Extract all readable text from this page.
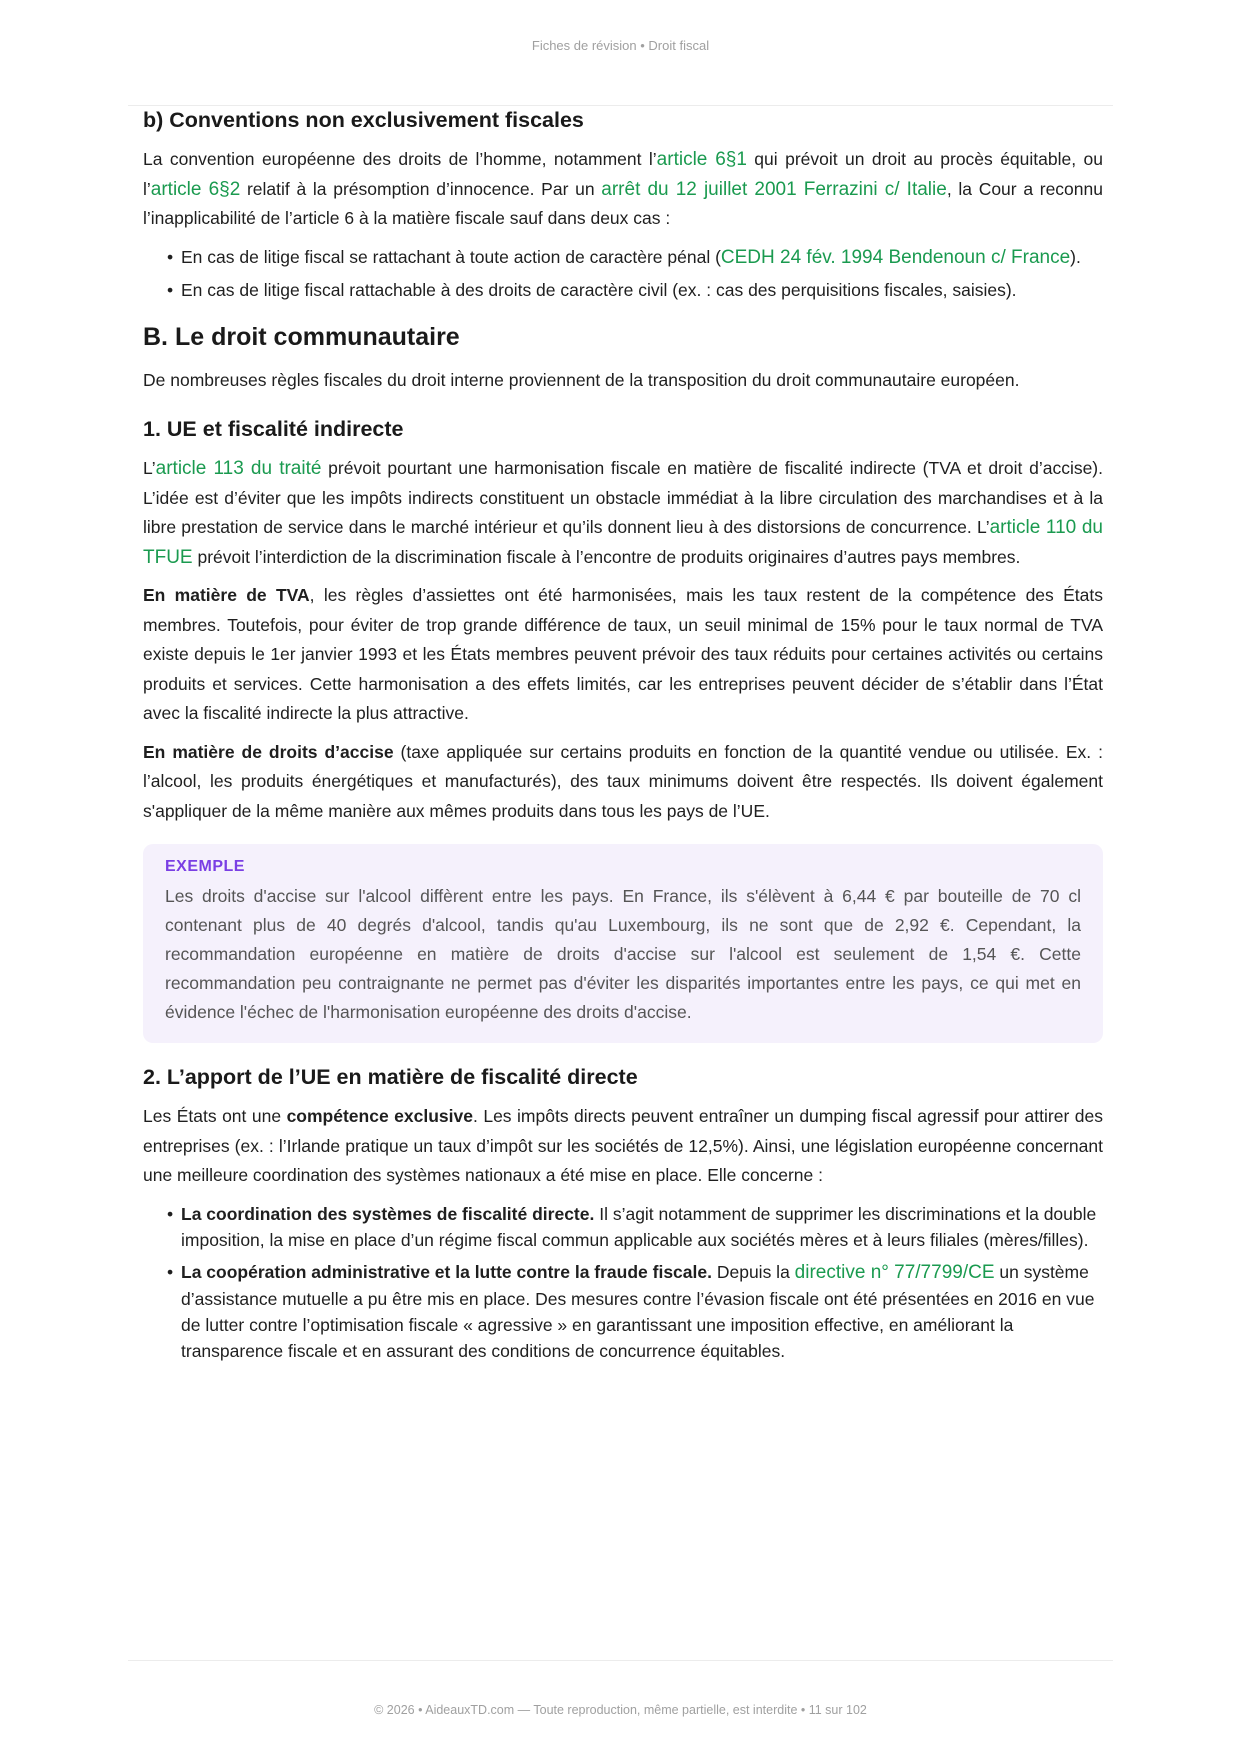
Fiches de révision • Droit fiscal
b) Conventions non exclusivement fiscales

La convention européenne des droits de l’homme, notamment l’article 6§1 qui prévoit un droit au procès équitable, ou l’article 6§2 relatif à la présomption d’innocence. Par un arrêt du 12 juillet 2001 Ferrazini c/ Italie, la Cour a reconnu l’inapplicabilité de l’article 6 à la matière fiscale sauf dans deux cas :

• En cas de litige fiscal se rattachant à toute action de caractère pénal (CEDH 24 fév. 1994 Bendenoun c/ France).
• En cas de litige fiscal rattachable à des droits de caractère civil (ex. : cas des perquisitions fiscales, saisies).
B. Le droit communautaire

De nombreuses règles fiscales du droit interne proviennent de la transposition du droit communautaire européen.

1. UE et fiscalité indirecte

L’article 113 du traité prévoit pourtant une harmonisation fiscale en matière de fiscalité indirecte (TVA et droit d’accise). L’idée est d’éviter que les impôts indirects constituent un obstacle immédiat à la libre circulation des marchandises et à la libre prestation de service dans le marché intérieur et qu’ils donnent lieu à des distorsions de concurrence. L’article 110 du TFUE prévoit l’interdiction de la discrimination fiscale à l’encontre de produits originaires d’autres pays membres.

En matière de TVA, les règles d’assiettes ont été harmonisées, mais les taux restent de la compétence des États membres. Toutefois, pour éviter de trop grande différence de taux, un seuil minimal de 15% pour le taux normal de TVA existe depuis le 1er janvier 1993 et les États membres peuvent prévoir des taux réduits pour certaines activités ou certains produits et services. Cette harmonisation a des effets limités, car les entreprises peuvent décider de s’établir dans l’État avec la fiscalité indirecte la plus attractive.

En matière de droits d’accise (taxe appliquée sur certains produits en fonction de la quantité vendue ou utilisée. Ex. : l’alcool, les produits énergétiques et manufacturés), des taux minimums doivent être respectés. Ils doivent également s'appliquer de la même manière aux mêmes produits dans tous les pays de l’UE.

EXEMPLE

Les droits d'accise sur l'alcool diffèrent entre les pays. En France, ils s'élèvent à 6,44 € par bouteille de 70 cl contenant plus de 40 degrés d'alcool, tandis qu'au Luxembourg, ils ne sont que de 2,92 €. Cependant, la recommandation européenne en matière de droits d'accise sur l'alcool est seulement de 1,54 €. Cette recommandation peu contraignante ne permet pas d'éviter les disparités importantes entre les pays, ce qui met en évidence l'échec de l'harmonisation européenne des droits d'accise.

2. L’apport de l’UE en matière de fiscalité directe

Les États ont une compétence exclusive. Les impôts directs peuvent entraîner un dumping fiscal agressif pour attirer des entreprises (ex. : l’Irlande pratique un taux d’impôt sur les sociétés de 12,5%). Ainsi, une législation européenne concernant une meilleure coordination des systèmes nationaux a été mise en place. Elle concerne :

• La coordination des systèmes de fiscalité directe. Il s’agit notamment de supprimer les discriminations et la double imposition, la mise en place d’un régime fiscal commun applicable aux sociétés mères et à leurs filiales (mères/filles).
• La coopération administrative et la lutte contre la fraude fiscale. Depuis la directive n° 77/7799/CE un système d’assistance mutuelle a pu être mis en place. Des mesures contre l’évasion fiscale ont été présentées en 2016 en vue de lutter contre l’optimisation fiscale « agressive » en garantissant une imposition effective, en améliorant la transparence fiscale et en assurant des conditions de concurrence équitables.
© 2026 • AideauxTD.com — Toute reproduction, même partielle, est interdite • 11 sur 102
